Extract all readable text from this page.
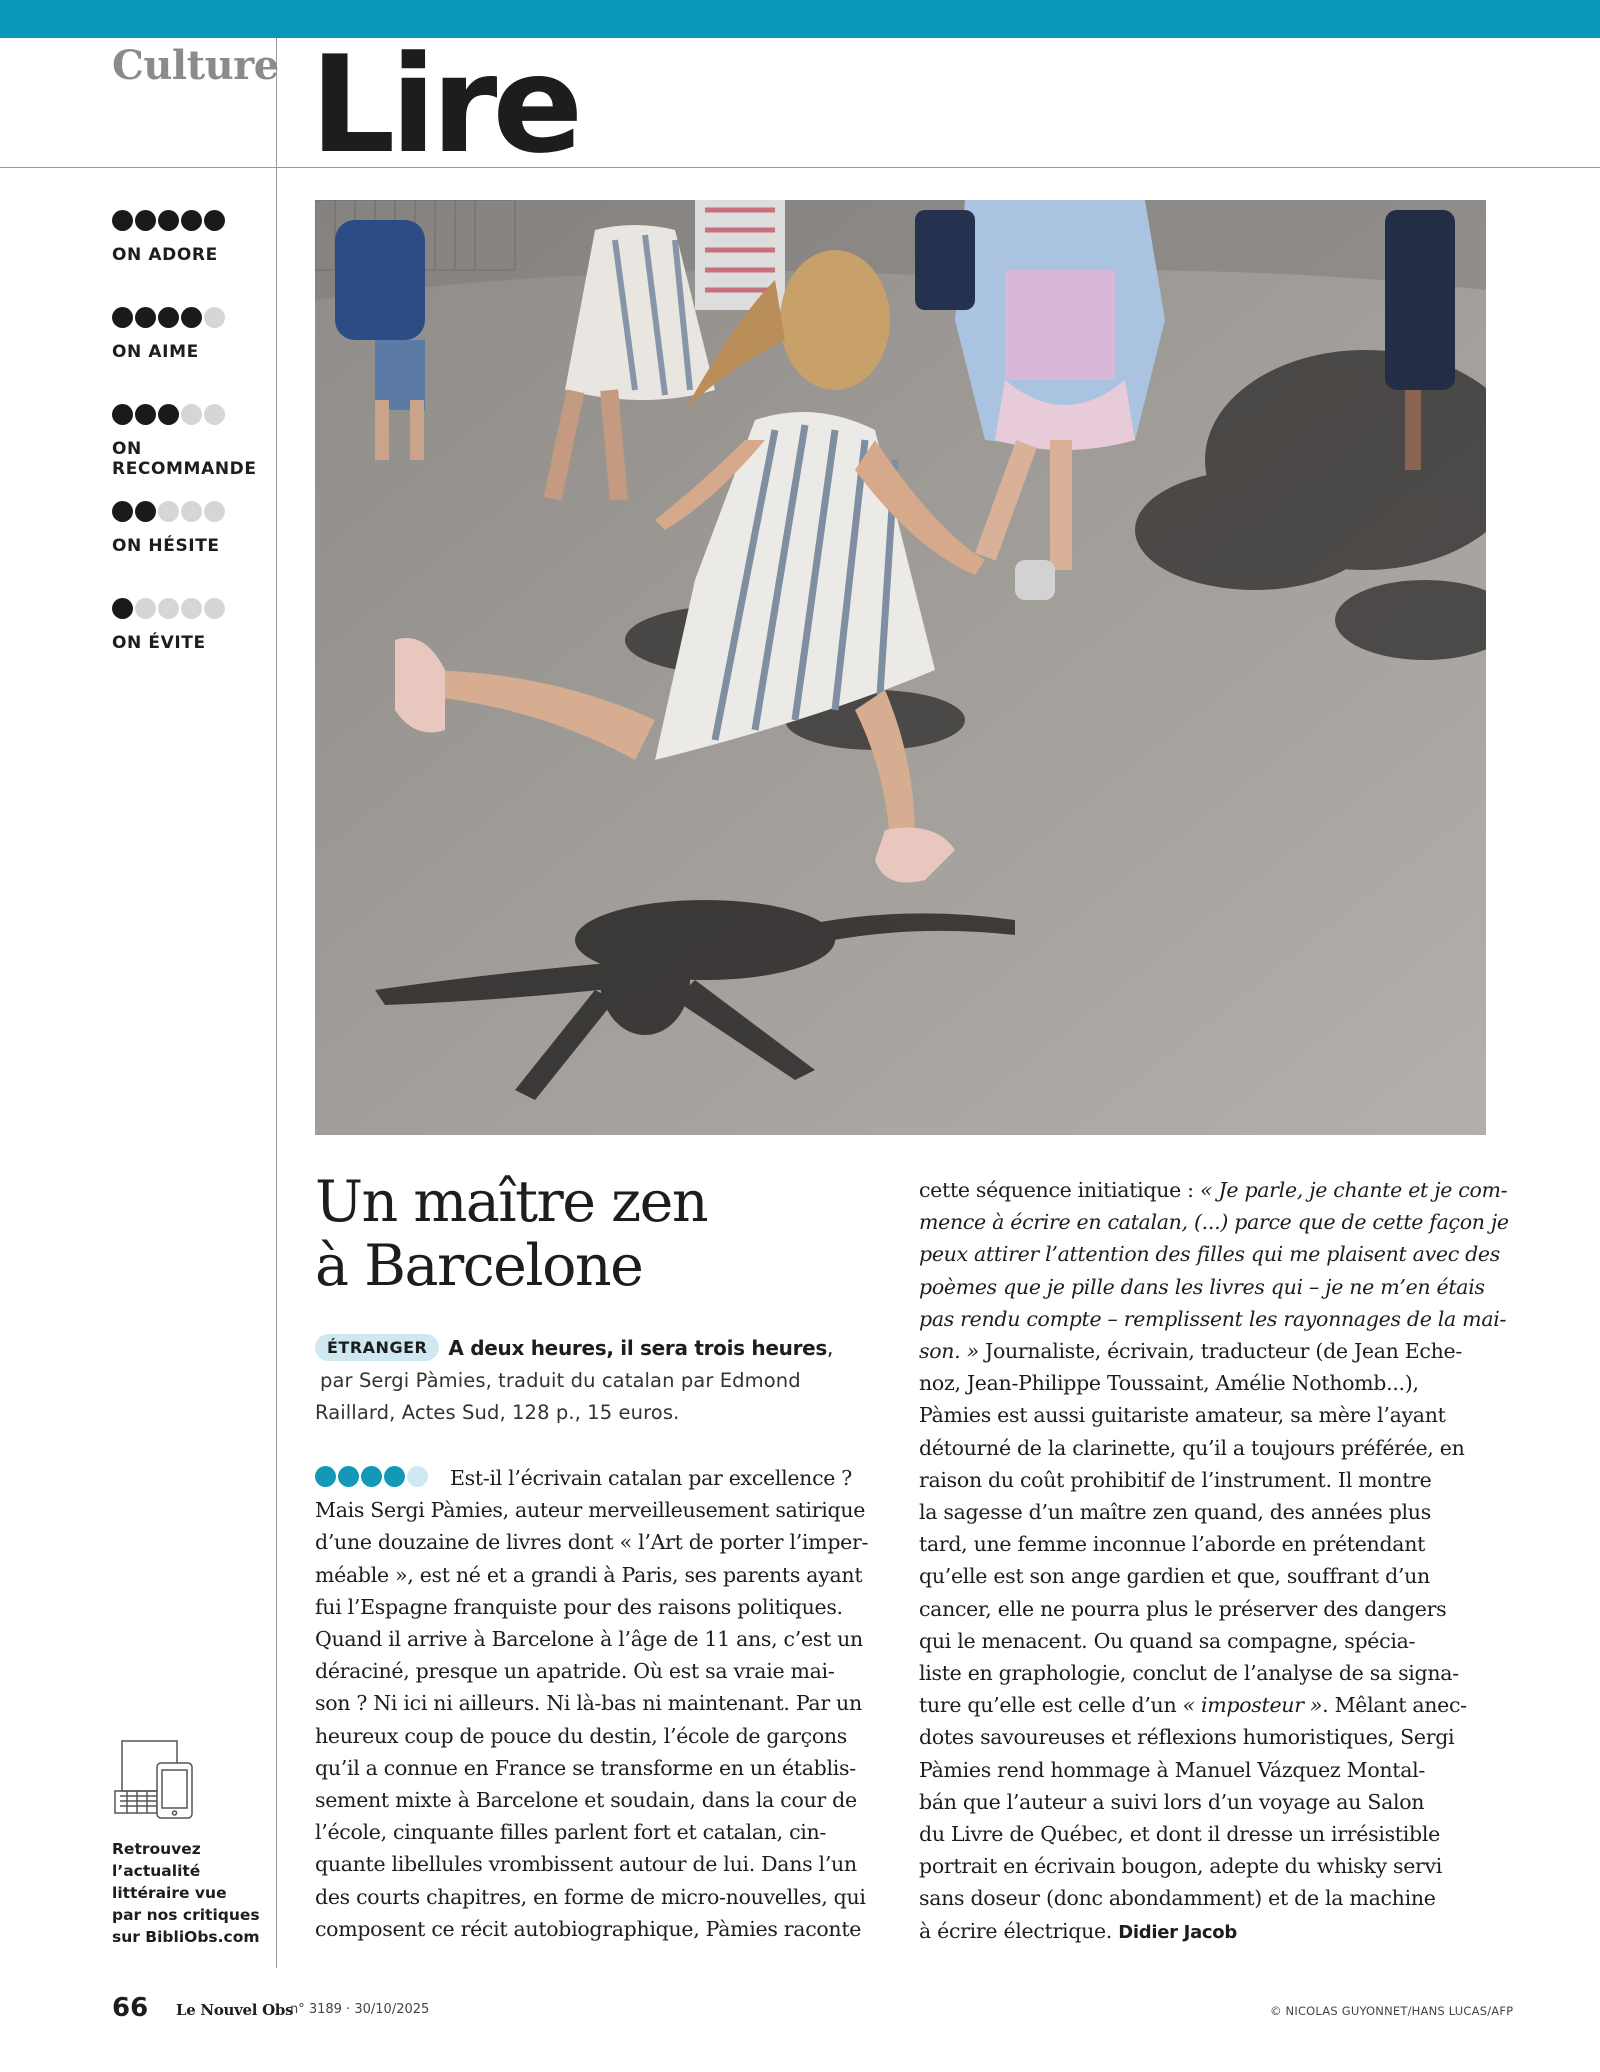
Culture Lire
ON ADORE
ON AIME
ON RECOMMANDE
ON HÉSITE
ON ÉVITE
Un maître zen
à Barcelone
ÉTRANGER A deux heures, il sera trois heures,
par Sergi Pàmies, traduit du catalan par Edmond
Raillard, Actes Sud, 128 p., 15 euros.
Est-il l’écrivain catalan par excellence ?
Mais Sergi Pàmies, auteur merveilleusement satirique
d’une douzaine de livres dont « l’Art de porter l’imper-
méable », est né et a grandi à Paris, ses parents ayant
fui l’Espagne franquiste pour des raisons politiques.
Quand il arrive à Barcelone à l’âge de 11 ans, c’est un
déraciné, presque un apatride. Où est sa vraie mai-
son ? Ni ici ni ailleurs. Ni là-bas ni maintenant. Par un
heureux coup de pouce du destin, l’école de garçons
qu’il a connue en France se transforme en un établis-
sement mixte à Barcelone et soudain, dans la cour de
l’école, cinquante filles parlent fort et catalan, cin-
quante libellules vrombissent autour de lui. Dans l’un
des courts chapitres, en forme de micro-nouvelles, qui
composent ce récit autobiographique, Pàmies raconte
cette séquence initiatique : « Je parle, je chante et je com-
mence à écrire en catalan, (...) parce que de cette façon je
peux attirer l’attention des filles qui me plaisent avec des
poèmes que je pille dans les livres qui – je ne m’en étais
pas rendu compte – remplissent les rayonnages de la mai-
son. » Journaliste, écrivain, traducteur (de Jean Eche-
noz, Jean-Philippe Toussaint, Amélie Nothomb...),
Pàmies est aussi guitariste amateur, sa mère l’ayant
détourné de la clarinette, qu’il a toujours préférée, en
raison du coût prohibitif de l’instrument. Il montre
la sagesse d’un maître zen quand, des années plus
tard, une femme inconnue l’aborde en prétendant
qu’elle est son ange gardien et que, souffrant d’un
cancer, elle ne pourra plus le préserver des dangers
qui le menacent. Ou quand sa compagne, spécia-
liste en graphologie, conclut de l’analyse de sa signa-
ture qu’elle est celle d’un « imposteur ». Mêlant anec-
dotes savoureuses et réflexions humoristiques, Sergi
Pàmies rend hommage à Manuel Vázquez Montal-
bán que l’auteur a suivi lors d’un voyage au Salon
du Livre de Québec, et dont il dresse un irrésistible
portrait en écrivain bougon, adepte du whisky servi
sans doseur (donc abondamment) et de la machine
à écrire électrique. Didier Jacob
Retrouvez
l’actualité
littéraire vue
par nos critiques
sur BibliObs.com
66 Le Nouvel Obs
n° 3189 · 30/10/2025	© NICOLAS GUYONNET/HANS LUCAS/AFP
